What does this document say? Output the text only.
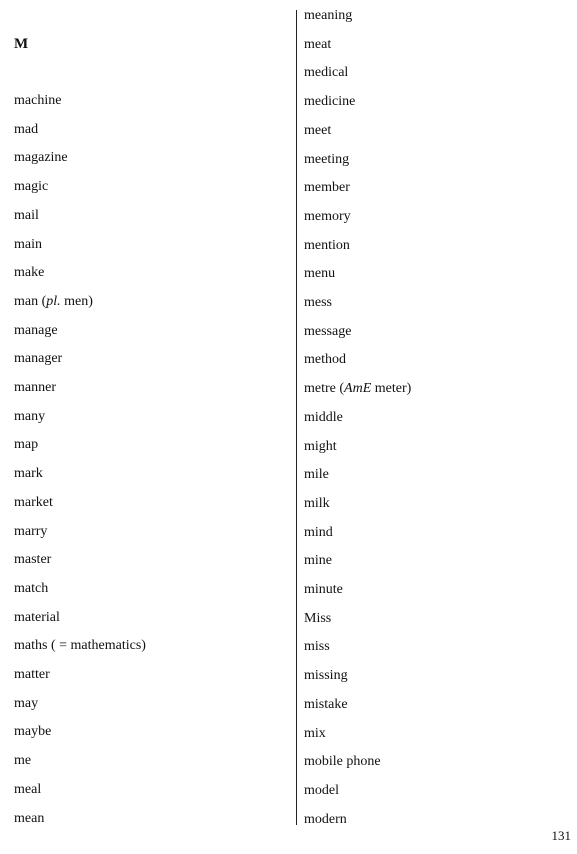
M
machine
mad
magazine
magic
mail
main
make
man (pl. men)
manage
manager
manner
many
map
mark
market
marry
master
match
material
maths ( = mathematics)
matter
may
maybe
me
meal
mean
meaning
meat
medical
medicine
meet
meeting
member
memory
mention
menu
mess
message
method
metre (AmE meter)
middle
might
mile
milk
mind
mine
minute
Miss
miss
missing
mistake
mix
mobile phone
model
modern
131
